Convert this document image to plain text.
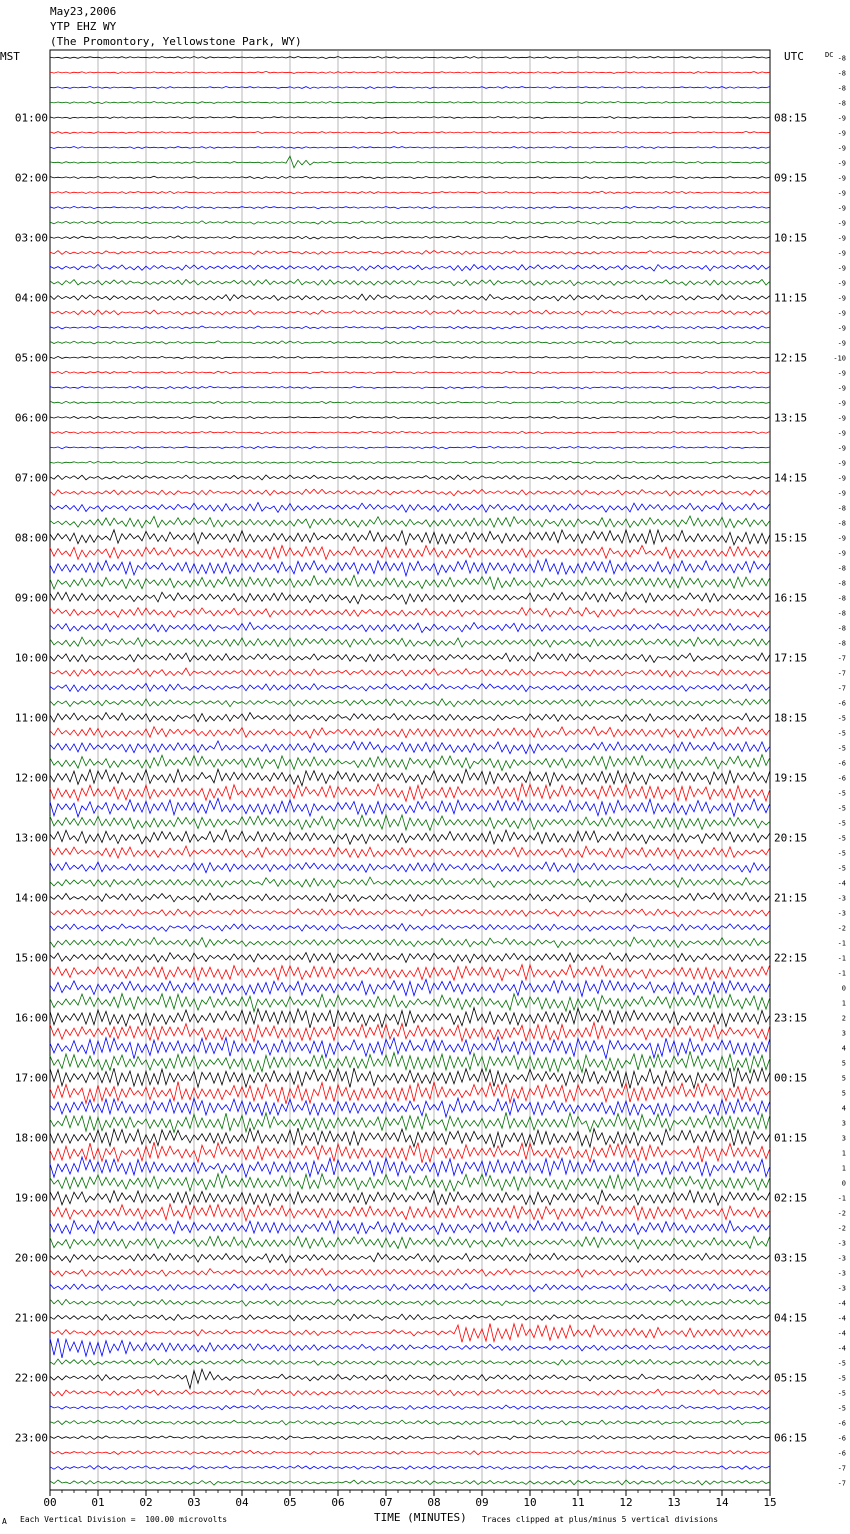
May23,2006
YTP EHZ WY
(The Promontory, Yellowstone Park, WY)
MST	UTC	DC -8
-8
-8
-8
-9
-9
-9
-9
-9
-9
-9
-9
-9
-9
-9
-9
-9
-9
-9
-9
-10
-9
-9
-9
-9
-9
-9
-9
-9
-9
-8
-8
-9
-9
-8
-8
-8
-8
-8
-8
-7
-7
-7
-6
-5
-5
-5
-6
-6
-5
-5
-5
-5
-5
-5
-4
-3
-3
-2
-1
-1
-1
0
1
2
3
4
5
5
5
4
3
3
1
1
0
-1
-2
-2
-3
-3
-3
-3
-4
-4
-4
-4
-5
-5
-5
-5
-6
-6
-6
-7
-7
01:00
02:00
03:00
04:00
05:00
06:00
07:00
08:00
09:00
10:00
11:00
12:00
13:00
14:00
15:00
16:00
17:00
18:00
19:00
20:00
21:00
22:00
23:00
08:15
09:15
10:15
11:15
12:15
13:15
14:15
15:15
16:15
17:15
18:15
19:15
20:15
21:15
22:15
23:15
00:15
01:15
02:15
03:15
04:15
05:15
06:15
00	01	02	03	04	05	06	07	08	09	10	11	12	13	14	15
A Each Vertical Division =  100.00 microvolts	TIME (MINUTES) Traces clipped at plus/minus 5 vertical divisions
